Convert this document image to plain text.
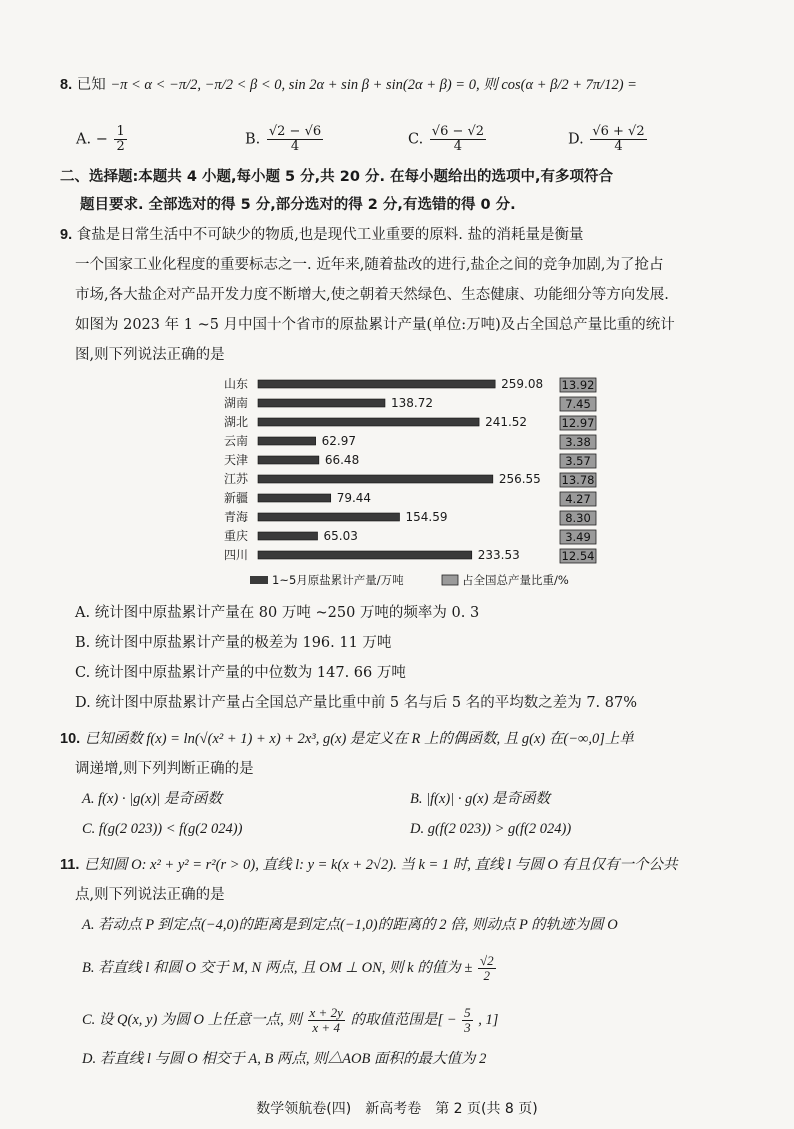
8. 已知 −π < α < −π/2, −π/2 < β < 0, sin 2α + sin β + sin(2α + β) = 0, 则 cos(α + β/2 + 7π/12) =
A. − $\frac{1}{2}$	B. $\frac{√2 - √6}{4}$	C. $\frac{√6 - √2}{4}$	D. $\frac{√6 + √2}{4}$
二、选择题:本题共 4 小题,每小题 5 分,共 20 分. 在每小题给出的选项中,有多项符合
题目要求. 全部选对的得 5 分,部分选对的得 2 分,有选错的得 0 分.
9. 食盐是日常生活中不可缺少的物质,也是现代工业重要的原料. 盐的消耗量是衡量
一个国家工业化程度的重要标志之一. 近年来,随着盐改的进行,盐企之间的竞争加剧,为了抢占
市场,各大盐企对产品开发力度不断增大,使之朝着天然绿色、生态健康、功能细分等方向发展.
如图为 2023 年 1 ~5 月中国十个省市的原盐累计产量(单位:万吨)及占全国总产量比重的统计
图,则下列说法正确的是
山东	259.08 13.92
湖南	138.72	7.45
湖北	241.52	12.97
云南	62.97	3.38
天津	66.48	3.57
江苏	256.55 13.78
新疆	79.44	4.27
青海	154.59	8.30
重庆	65.03	3.49
四川	233.53	12.54
1~5月原盐累计产量/万吨	占全国总产量比重/%
A. 统计图中原盐累计产量在 80 万吨 ~250 万吨的频率为 0. 3
B. 统计图中原盐累计产量的极差为 196. 11 万吨
C. 统计图中原盐累计产量的中位数为 147. 66 万吨
D. 统计图中原盐累计产量占全国总产量比重中前 5 名与后 5 名的平均数之差为 7. 87%
10. 已知函数 f(x) = ln(√(x² + 1) + x) + 2x³, g(x) 是定义在 R 上的偶函数, 且 g(x) 在(−∞,0]上单
调递增,则下列判断正确的是
A. f(x) · |g(x)| 是奇函数	B. |f(x)| · g(x) 是奇函数
C. f(g(2 023)) < f(g(2 024))	D. g(f(2 023)) > g(f(2 024))
11. 已知圆 O: x² + y² = r²(r > 0), 直线 l: y = k(x + 2√2). 当 k = 1 时, 直线 l 与圆 O 有且仅有一个公共
点,则下列说法正确的是
A. 若动点 P 到定点(−4,0)的距离是到定点(−1,0)的距离的 2 倍, 则动点 P 的轨迹为圆 O
B. 若直线 l 和圆 O 交于 M, N 两点, 且 OM ⊥ ON, 则 k 的值为 ± $\frac{√2}{2}$
C. 设 Q(x, y) 为圆 O 上任意一点, 则 $\frac{x + 2y}{x + 4}$ 的取值范围是[ − $\frac{5}{3}$ , 1]
D. 若直线 l 与圆 O 相交于 A, B 两点, 则△AOB 面积的最大值为 2
数学领航卷(四)　新高考卷　第 2 页(共 8 页)
